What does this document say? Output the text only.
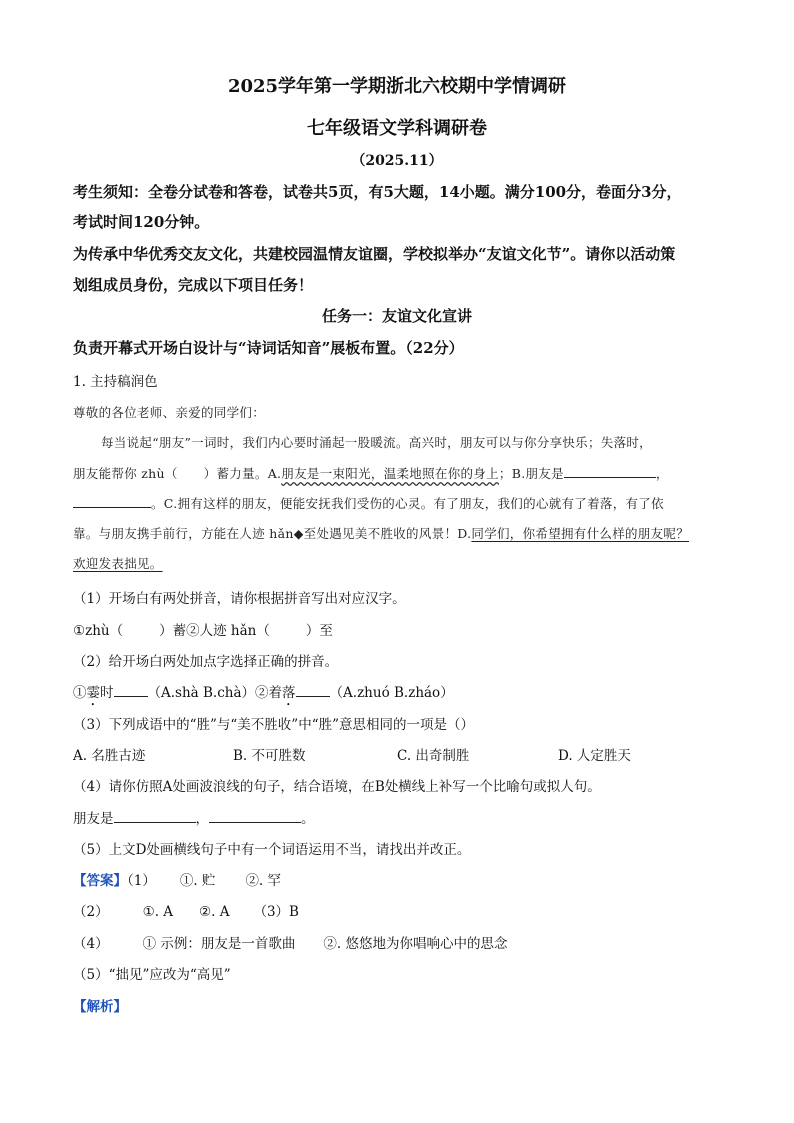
2025学年第一学期浙北六校期中学情调研
七年级语文学科调研卷
（2025.11）
考生须知：全卷分试卷和答卷，试卷共5页，有5大题，14小题。满分100分，卷面分3分，
考试时间120分钟。
为传承中华优秀交友文化，共建校园温情友谊圈，学校拟举办“友谊文化节”。请你以活动策
划组成员身份，完成以下项目任务！
任务一：友谊文化宣讲
负责开幕式开场白设计与“诗词话知音”展板布置。（22分）
1. 主持稿润色
尊敬的各位老师、亲爱的同学们：
每当说起“朋友”一词时，我们内心要时涌起一股暖流。高兴时，朋友可以与你分享快乐；失落时，
朋友能帮你 zhù（ ）蓄力量。A.朋友是一束阳光，温柔地照在你的身上；B.朋友是	，
。C.拥有这样的朋友，便能安抚我们受伤的心灵。有了朋友，我们的心就有了着落，有了依
靠。与朋友携手前行，方能在人迹 hǎn◆至处遇见美不胜收的风景！D.同学们，你希望拥有什么样的朋友呢？
欢迎发表拙见。
（1）开场白有两处拼音，请你根据拼音写出对应汉字。
①zhù（	）蓄②人迹 hǎn（	）至
（2）给开场白两处加点字选择正确的拼音。
①霎时	（A.shà B.chà）②着落	（A.zhuó B.zháo）
（3）下列成语中的“胜”与“美不胜收”中“胜”意思相同的一项是（）
A. 名胜古迹	B. 不可胜数	C. 出奇制胜	D. 人定胜天
（4）请你仿照A处画波浪线的句子，结合语境，在B处横线上补写一个比喻句或拟人句。
朋友是	，	。
（5）上文D处画横线句子中有一个词语运用不当，请找出并改正。
【答案】（1） ①. 贮 ②. 罕
（2）	①. A ②. A （3）B
（4）	① 示例：朋友是一首歌曲 ②. 悠悠地为你唱响心中的思念
（5）“拙见”应改为“高见”
【解析】
